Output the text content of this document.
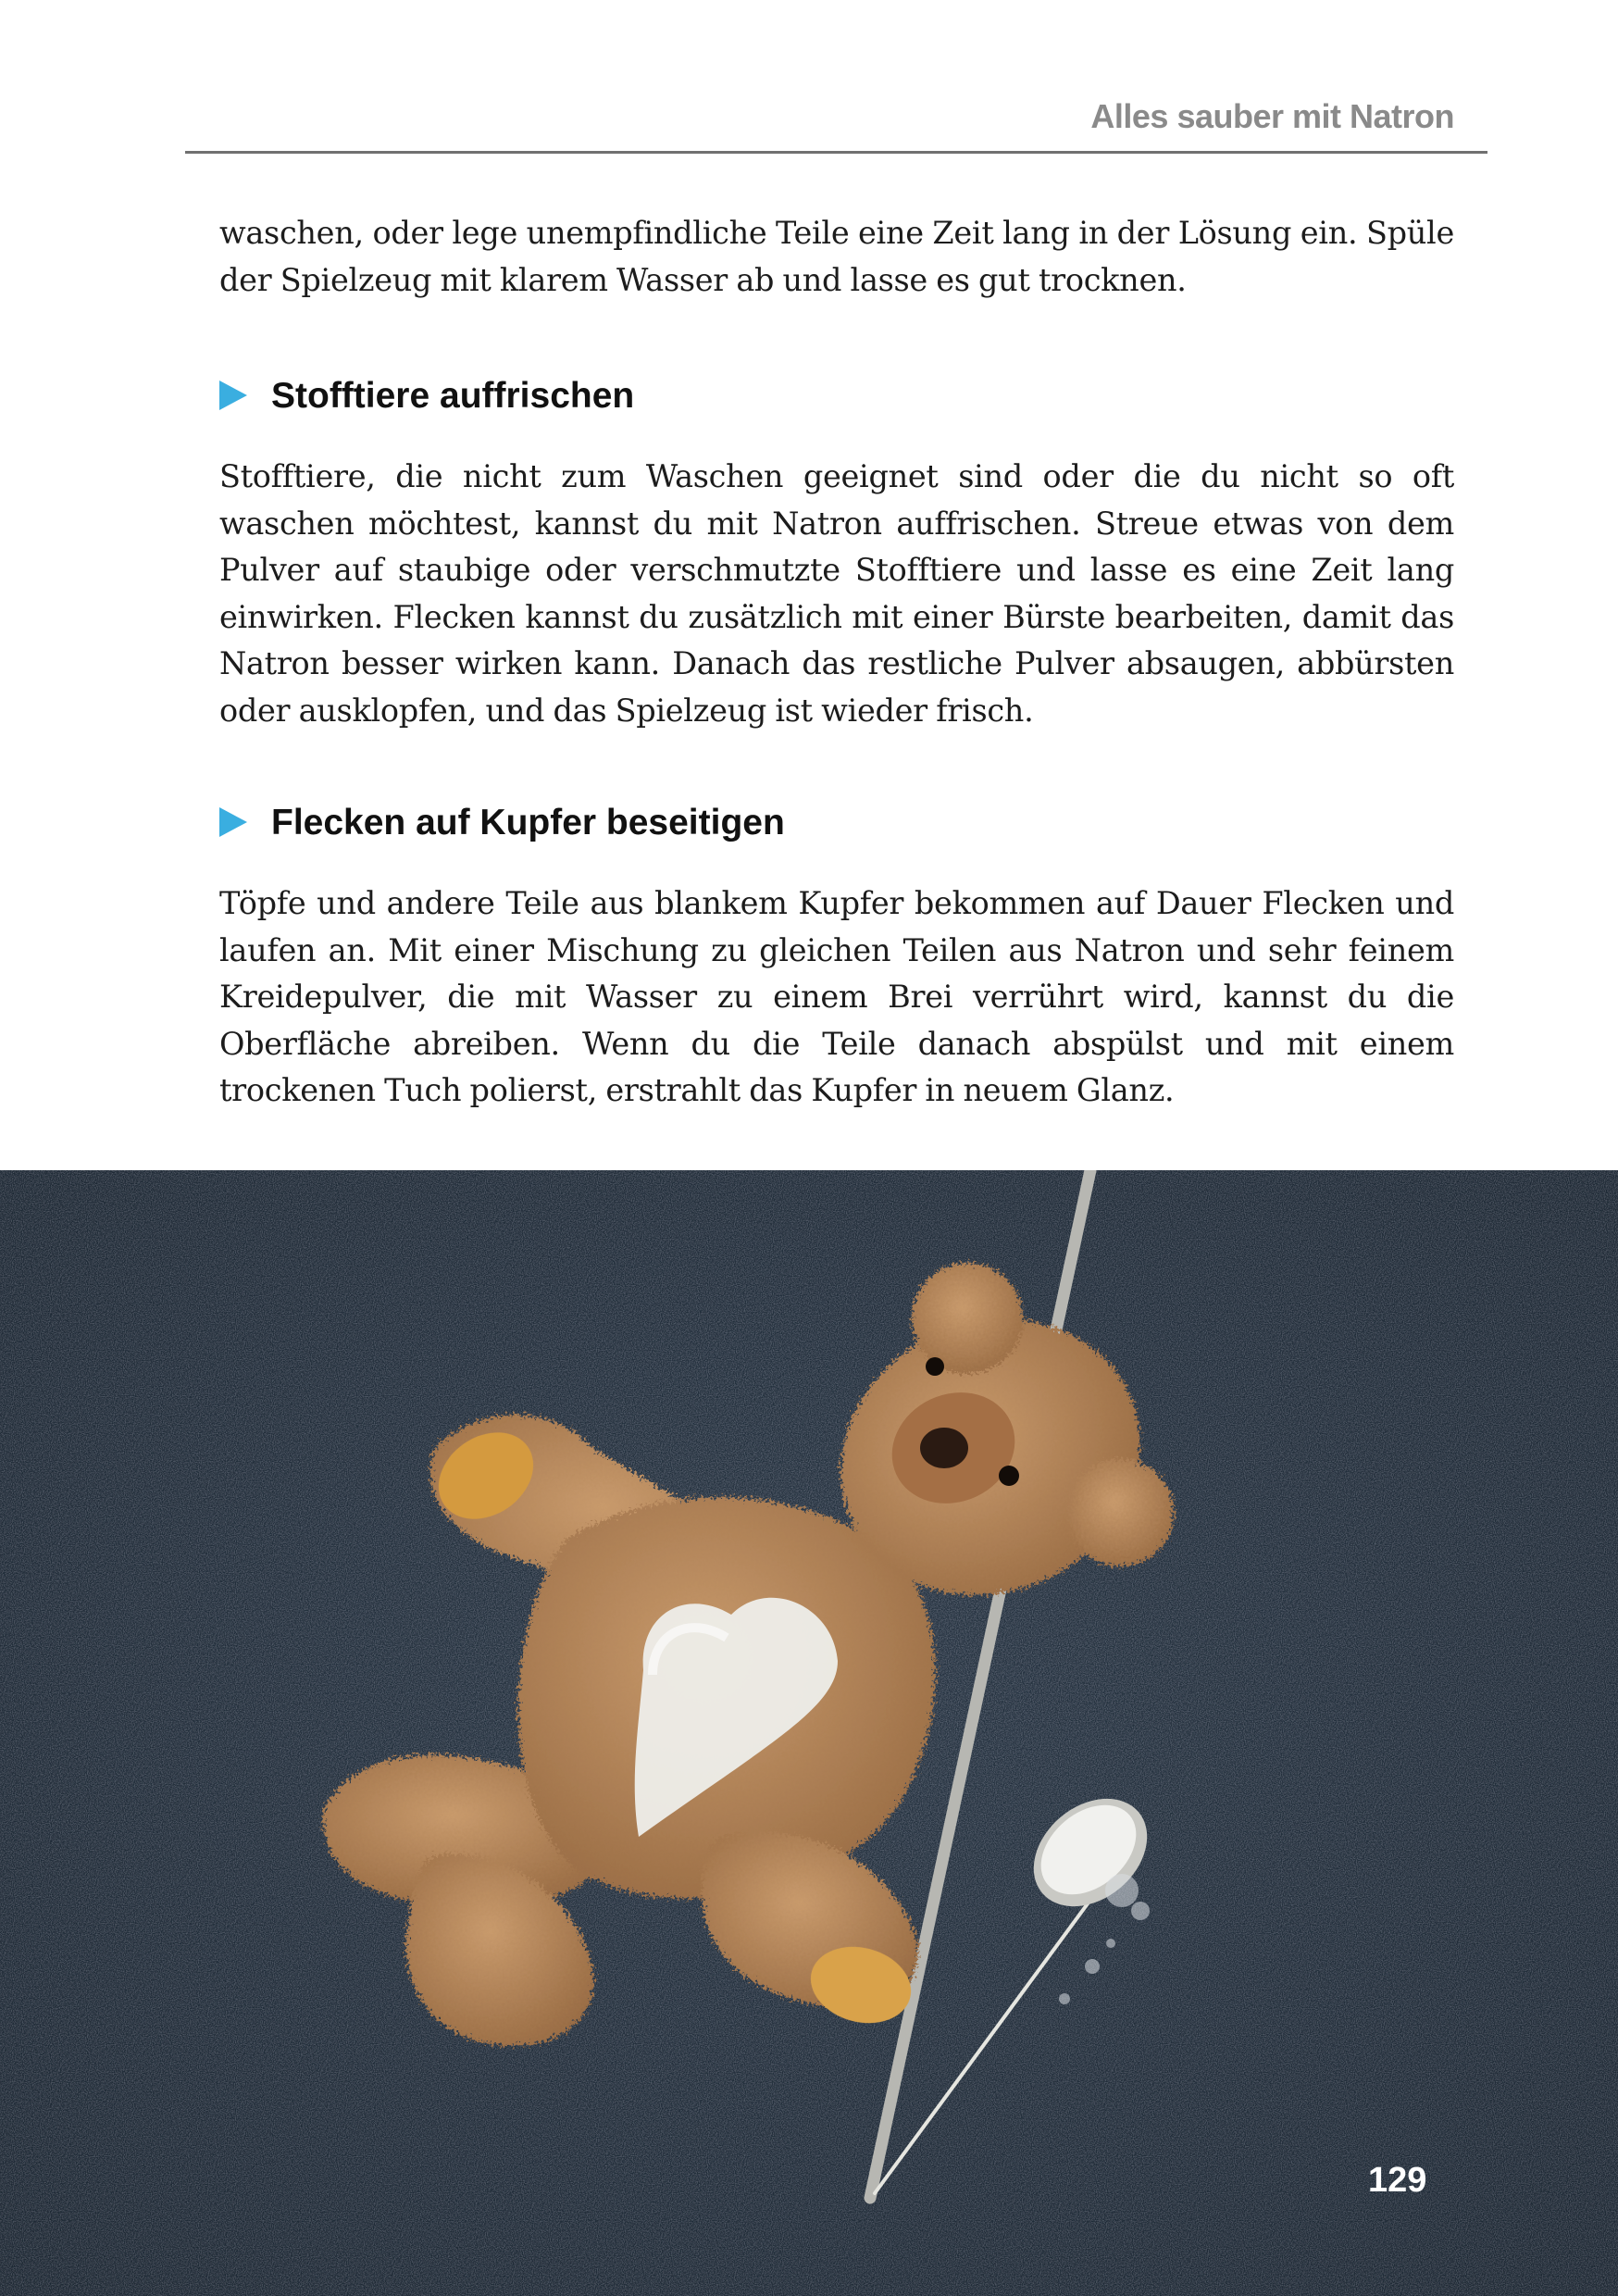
Alles sauber mit Natron

waschen, oder lege unempfindliche Teile eine Zeit lang in der Lösung ein. Spüle der Spielzeug mit klarem Wasser ab und lasse es gut trocknen.

Stofftiere auffrischen

Stofftiere, die nicht zum Waschen geeignet sind oder die du nicht so oft waschen möchtest, kannst du mit Natron auffrischen. Streue etwas von dem Pulver auf staubige oder verschmutzte Stofftiere und lasse es eine Zeit lang einwirken. Flecken kannst du zusätzlich mit einer Bürste bearbeiten, damit das Natron besser wirken kann. Danach das restliche Pulver absaugen, abbürsten oder ausklopfen, und das Spielzeug ist wieder frisch.

Flecken auf Kupfer beseitigen

Töpfe und andere Teile aus blankem Kupfer bekommen auf Dauer Flecken und laufen an. Mit einer Mischung zu gleichen Teilen aus Natron und sehr feinem Kreidepulver, die mit Wasser zu einem Brei verrührt wird, kannst du die Oberfläche abreiben. Wenn du die Teile danach abspülst und mit einem trockenen Tuch polierst, erstrahlt das Kupfer in neuem Glanz.

129
